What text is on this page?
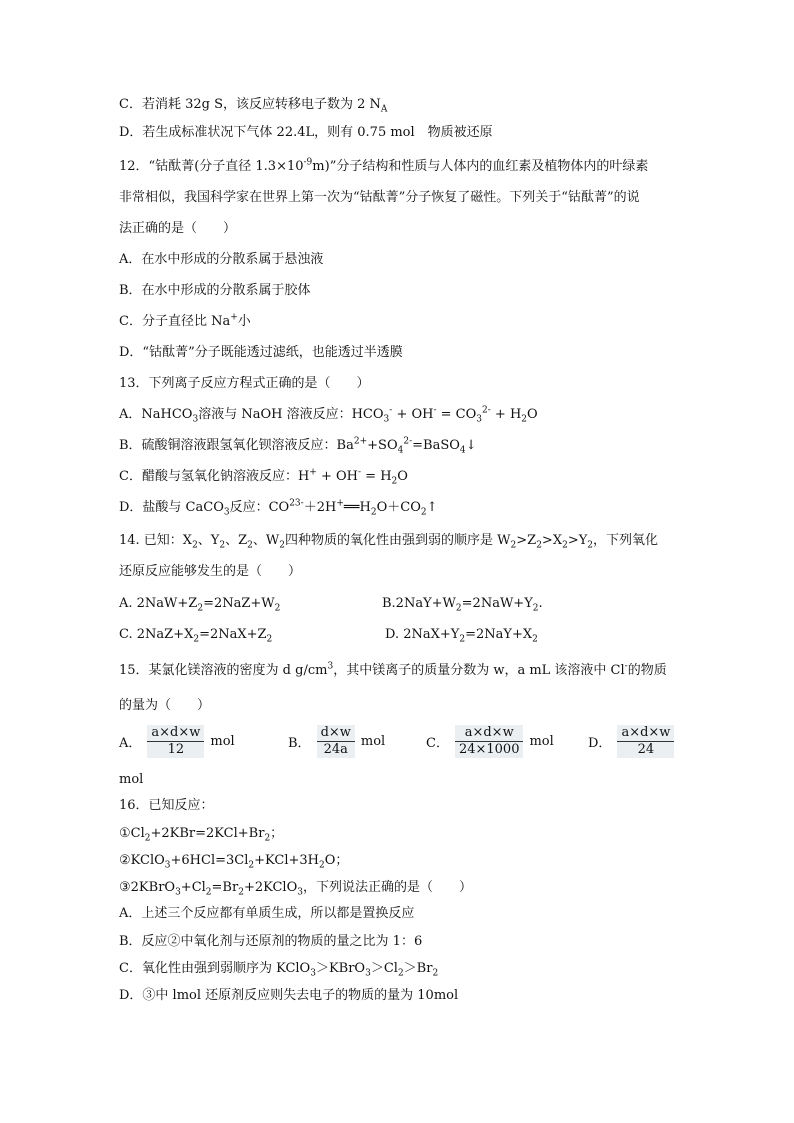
C．若消耗 32g S，该反应转移电子数为 2 $N_A$
D．若生成标准状况下气体 22.4L，则有 0.75 mol　物质被还原
12．“钴酞菁(分子直径 $1.3\times 10^{-9}m$)”分子结构和性质与人体内的血红素及植物体内的叶绿素
非常相似，我国科学家在世界上第一次为“钴酞菁”分子恢复了磁性。下列关于“钴酞菁”的说
法正确的是（　　）
A．在水中形成的分散系属于悬浊液
B．在水中形成的分散系属于胶体
C．分子直径比 Na+小
D．“钴酞菁”分子既能透过滤纸，也能透过半透膜
13．下列离子反应方程式正确的是（　　）
A．NaHCO$_3$溶液与 NaOH 溶液反应：$HCO_3^- + OH^- = CO_3^{2-} + H_2O$
B．硫酸铜溶液跟氢氧化钡溶液反应：$Ba^{2+}+SO_4^{2-}=BaSO_4↓$
C．醋酸与氢氧化钠溶液反应：$H^+ + OH^- = H_2O$
D．盐酸与 CaCO$_3$反应：$CO^{23-}+2H^+══H_2O+CO_2↑$
14. 已知：$X_2$、$Y_2$、$Z_2$、$W_2$四种物质的氧化性由强到弱的顺序是 $W_2>Z_2>X_2>Y_2$，下列氧化
还原反应能够发生的是（　　）
A. $2NaW+Z_2=2NaZ+W_2$	$B.2NaY+W_2=2NaW+Y_2$.
C. $2NaZ+X_2=2NaX+Z_2$	D. $2NaX+Y_2=2NaY+X_2$
15．某氯化镁溶液的密度为 d $g/cm^3$，其中镁离子的质量分数为 w，a mL 该溶液中 Cl-的物质
的量为（　　）
A． $\frac{a\times d\times w}{12}$ mol	B． $\frac{d\times w}{24a}$ mol	C． $\frac{a\times d\times w}{24\times 1000}$ mol	D． $\frac{a\times d\times w}{24}$
mol
16．已知反应：
$①Cl_2+2KBr=2KCl+Br_2$；
$②KClO_3+6HCl=3Cl_2+KCl+3H_2O$；
$③2KBrO_3+Cl_2=Br_2+2KClO_3$，下列说法正确的是（　　）
A．上述三个反应都有单质生成，所以都是置换反应
B．反应②中氧化剂与还原剂的物质的量之比为 1：6
C．氧化性由强到弱顺序为 $KClO_3>KBrO_3>Cl_2>Br_2$
D．③中 lmol 还原剂反应则失去电子的物质的量为 10mol
